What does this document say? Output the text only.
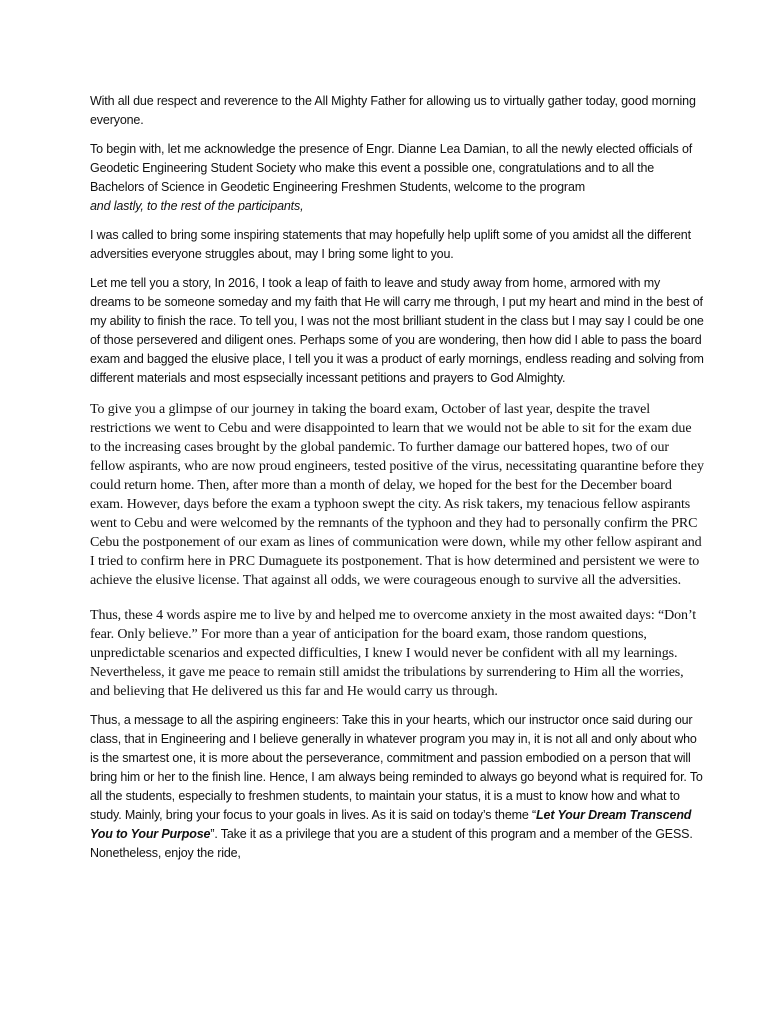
With all due respect and reverence to the All Mighty Father for allowing us to virtually gather today, good morning everyone.

To begin with, let me acknowledge the presence of Engr. Dianne Lea Damian, to all the newly elected officials of Geodetic Engineering Student Society who make this event a possible one, congratulations and to all the Bachelors of Science in Geodetic Engineering Freshmen Students, welcome to the program
and lastly, to the rest of the participants,

I was called to bring some inspiring statements that may hopefully help uplift some of you amidst all the different adversities everyone struggles about, may I bring some light to you.

Let me tell you a story, In 2016, I took a leap of faith to leave and study away from home, armored with my dreams to be someone someday and my faith that He will carry me through, I put my heart and mind in the best of my ability to finish the race. To tell you, I was not the most brilliant student in the class but I may say I could be one of those persevered and diligent ones. Perhaps some of you are wondering, then how did I able to pass the board exam and bagged the elusive place, I tell you it was a product of early mornings, endless reading and solving from different materials and most espsecially incessant petitions and prayers to God Almighty.

To give you a glimpse of our journey in taking the board exam, October of last year, despite the travel restrictions we went to Cebu and were disappointed to learn that we would not be able to sit for the exam due to the increasing cases brought by the global pandemic. To further damage our battered hopes, two of our fellow aspirants, who are now proud engineers, tested positive of the virus, necessitating quarantine before they could return home. Then, after more than a month of delay, we hoped for the best for the December board exam. However, days before the exam a typhoon swept the city. As risk takers, my tenacious fellow aspirants went to Cebu and were welcomed by the remnants of the typhoon and they had to personally confirm the PRC Cebu the postponement of our exam as lines of communication were down, while my other fellow aspirant and I tried to confirm here in PRC Dumaguete its postponement. That is how determined and persistent we were to achieve the elusive license. That against all odds, we were courageous enough to survive all the adversities.

Thus, these 4 words aspire me to live by and helped me to overcome anxiety in the most awaited days: “Don’t fear. Only believe.” For more than a year of anticipation for the board exam, those random questions, unpredictable scenarios and expected difficulties, I knew I would never be confident with all my learnings. Nevertheless, it gave me peace to remain still amidst the tribulations by surrendering to Him all the worries, and believing that He delivered us this far and He would carry us through.

Thus, a message to all the aspiring engineers: Take this in your hearts, which our instructor once said during our class, that in Engineering and I believe generally in whatever program you may in, it is not all and only about who is the smartest one, it is more about the perseverance, commitment and passion embodied on a person that will bring him or her to the finish line. Hence, I am always being reminded to always go beyond what is required for. To all the students, especially to freshmen students, to maintain your status, it is a must to know how and what to study. Mainly, bring your focus to your goals in lives. As it is said on today’s theme “Let Your Dream Transcend You to Your Purpose”. Take it as a privilege that you are a student of this program and a member of the GESS. Nonetheless, enjoy the ride,
